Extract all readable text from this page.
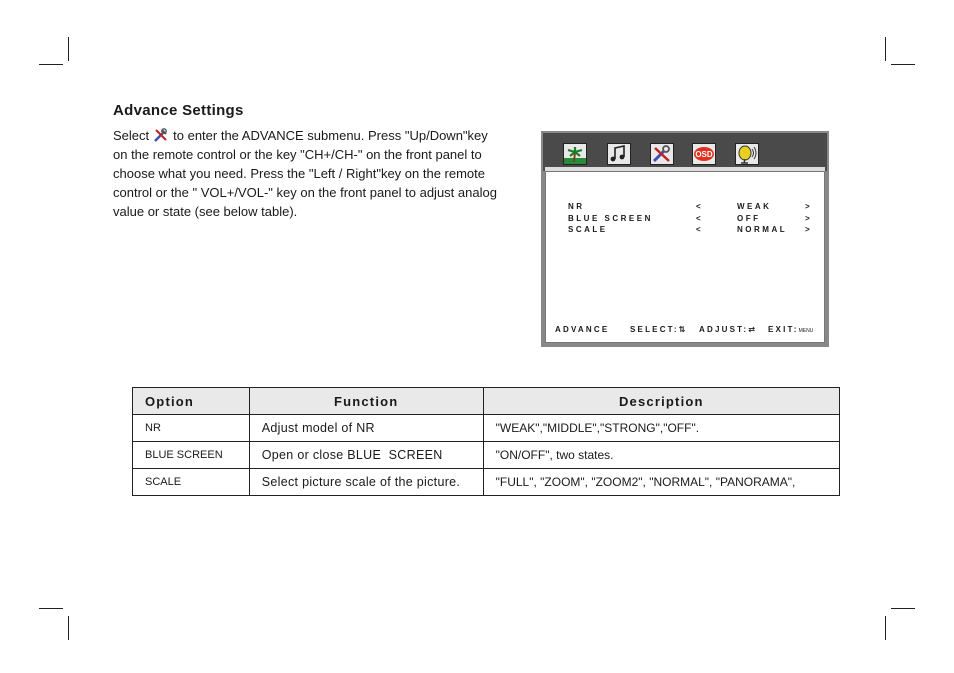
Advance Settings
Select to enter the ADVANCE submenu. Press "Up/Down"key
on the remote control or the key "CH+/CH-" on the front panel to
choose what you need. Press the "Left / Right"key on the remote
control or the " VOL+/VOL-" key on the front panel to adjust analog
value or state (see below table).
OSD
NR	<	WEAK	>
BLUE SCREEN	<	OFF	>
SCALE	<	NORMAL >
ADVANCE	SELECT:⇅ ADJUST:⇄ EXIT:MENU
Option	Function	Description
NR	Adjust model of NR	"WEAK","MIDDLE","STRONG","OFF".
BLUE SCREEN	Open or close BLUE  SCREEN	"ON/OFF", two states.
SCALE	Select picture scale of the picture.	"FULL", "ZOOM", "ZOOM2", "NORMAL", "PANORAMA",
